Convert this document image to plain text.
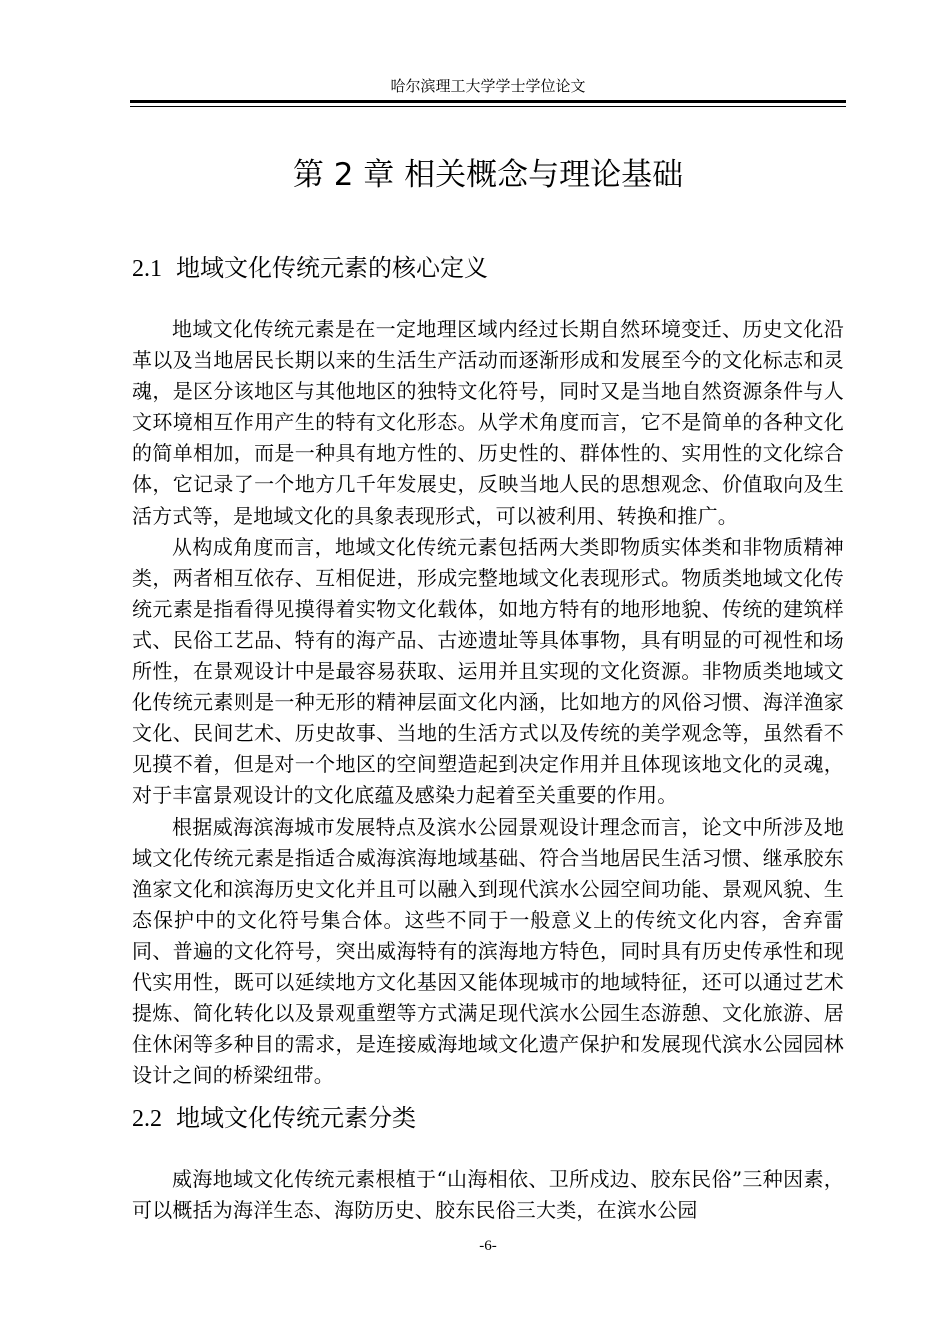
哈尔滨理工大学学士学位论文
第 2 章 相关概念与理论基础
2.1 地域文化传统元素的核心定义

地域文化传统元素是在一定地理区域内经过长期自然环境变迁、历史文化沿革以及当地居民长期以来的生活生产活动而逐渐形成和发展至今的文化标志和灵魂，是区分该地区与其他地区的独特文化符号，同时又是当地自然资源条件与人文环境相互作用产生的特有文化形态。从学术角度而言，它不是简单的各种文化的简单相加，而是一种具有地方性的、历史性的、群体性的、实用性的文化综合体，它记录了一个地方几千年发展史，反映当地人民的思想观念、价值取向及生活方式等，是地域文化的具象表现形式，可以被利用、转换和推广。

从构成角度而言，地域文化传统元素包括两大类即物质实体类和非物质精神类，两者相互依存、互相促进，形成完整地域文化表现形式。物质类地域文化传统元素是指看得见摸得着实物文化载体，如地方特有的地形地貌、传统的建筑样式、民俗工艺品、特有的海产品、古迹遗址等具体事物，具有明显的可视性和场所性，在景观设计中是最容易获取、运用并且实现的文化资源。非物质类地域文化传统元素则是一种无形的精神层面文化内涵，比如地方的风俗习惯、海洋渔家文化、民间艺术、历史故事、当地的生活方式以及传统的美学观念等，虽然看不见摸不着，但是对一个地区的空间塑造起到决定作用并且体现该地文化的灵魂，对于丰富景观设计的文化底蕴及感染力起着至关重要的作用。

根据威海滨海城市发展特点及滨水公园景观设计理念而言，论文中所涉及地域文化传统元素是指适合威海滨海地域基础、符合当地居民生活习惯、继承胶东渔家文化和滨海历史文化并且可以融入到现代滨水公园空间功能、景观风貌、生态保护中的文化符号集合体。这些不同于一般意义上的传统文化内容，舍弃雷同、普遍的文化符号，突出威海特有的滨海地方特色，同时具有历史传承性和现代实用性，既可以延续地方文化基因又能体现城市的地域特征，还可以通过艺术提炼、简化转化以及景观重塑等方式满足现代滨水公园生态游憩、文化旅游、居住休闲等多种目的需求，是连接威海地域文化遗产保护和发展现代滨水公园园林设计之间的桥梁纽带。

2.2 地域文化传统元素分类

威海地域文化传统元素根植于“山海相依、卫所戍边、胶东民俗”三种因素，可以概括为海洋生态、海防历史、胶东民俗三大类，在滨水公园

-6-
